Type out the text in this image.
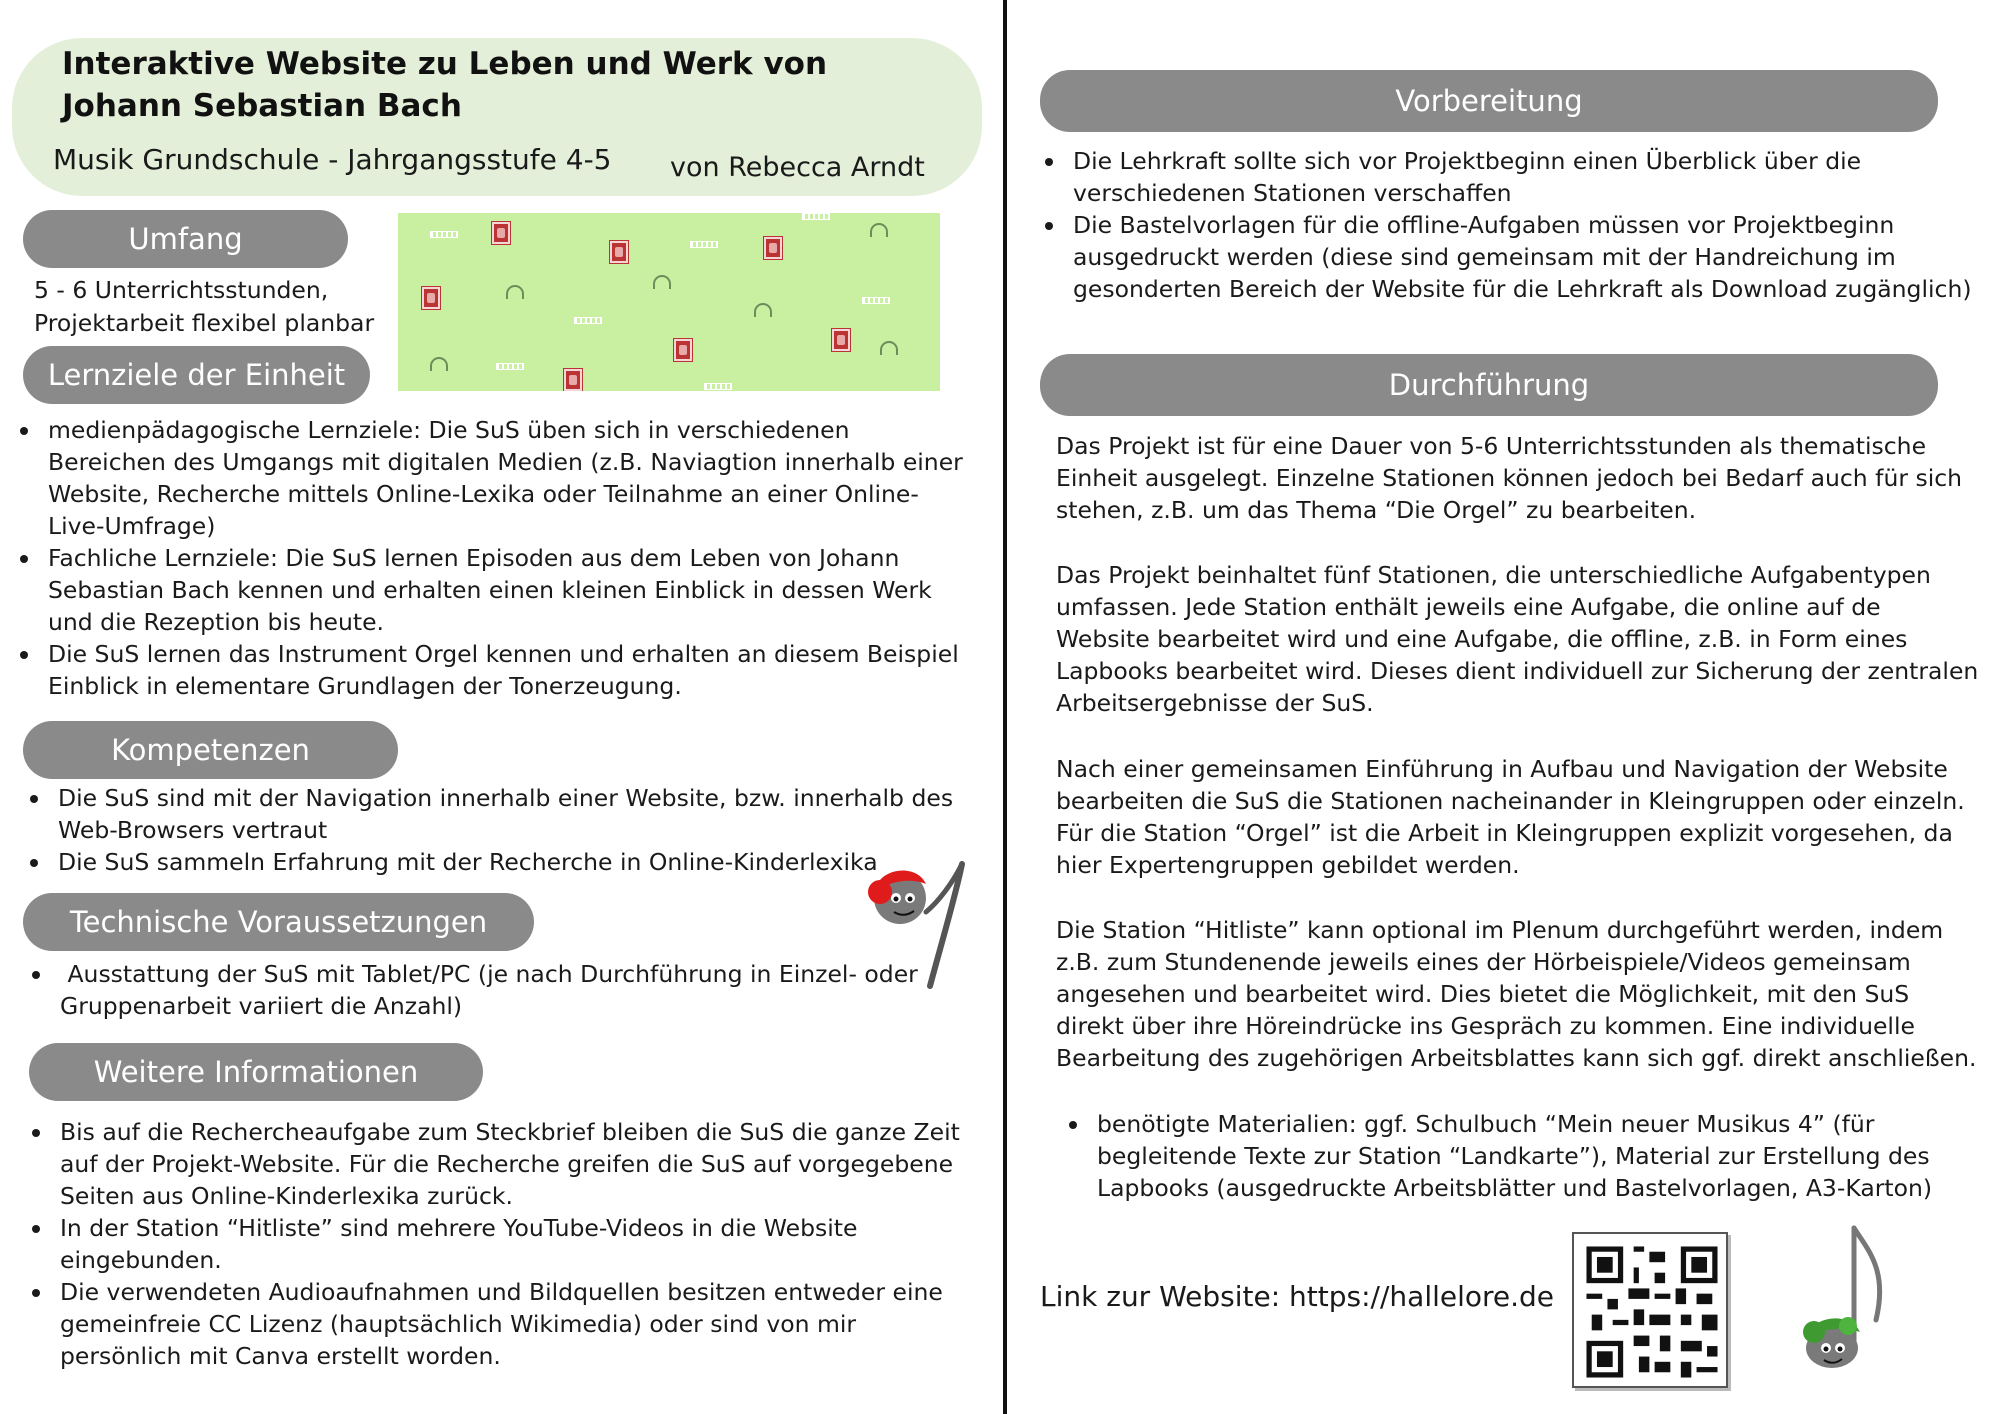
Interaktive Website zu Leben und Werk von
Johann Sebastian Bach
Musik Grundschule - Jahrgangsstufe 4-5 von Rebecca Arndt
Umfang
5 - 6 Unterrichtsstunden,
Projektarbeit flexibel planbar
Lernziele der Einheit
medienpädagogische Lernziele: Die SuS üben sich in verschiedenen
Bereichen des Umgangs mit digitalen Medien (z.B. Naviagtion innerhalb einer
Website, Recherche mittels Online-Lexika oder Teilnahme an einer Online-
Live-Umfrage)
Fachliche Lernziele: Die SuS lernen Episoden aus dem Leben von Johann
Sebastian Bach kennen und erhalten einen kleinen Einblick in dessen Werk
und die Rezeption bis heute.
Die SuS lernen das Instrument Orgel kennen und erhalten an diesem Beispiel
Einblick in elementare Grundlagen der Tonerzeugung.
Kompetenzen
Die SuS sind mit der Navigation innerhalb einer Website, bzw. innerhalb des
Web-Browsers vertraut
Die SuS sammeln Erfahrung mit der Recherche in Online-Kinderlexika
Technische Voraussetzungen
Ausstattung der SuS mit Tablet/PC (je nach Durchführung in Einzel- oder
Gruppenarbeit variiert die Anzahl)
Weitere Informationen
Bis auf die Rechercheaufgabe zum Steckbrief bleiben die SuS die ganze Zeit
auf der Projekt-Website. Für die Recherche greifen die SuS auf vorgegebene
Seiten aus Online-Kinderlexika zurück.
In der Station “Hitliste” sind mehrere YouTube-Videos in die Website
eingebunden.
Die verwendeten Audioaufnahmen und Bildquellen besitzen entweder eine
gemeinfreie CC Lizenz (hauptsächlich Wikimedia) oder sind von mir
persönlich mit Canva erstellt worden.
Vorbereitung
Die Lehrkraft sollte sich vor Projektbeginn einen Überblick über die
verschiedenen Stationen verschaffen
Die Bastelvorlagen für die offline-Aufgaben müssen vor Projektbeginn
ausgedruckt werden (diese sind gemeinsam mit der Handreichung im
gesonderten Bereich der Website für die Lehrkraft als Download zugänglich)
Durchführung
Das Projekt ist für eine Dauer von 5-6 Unterrichtsstunden als thematische
Einheit ausgelegt. Einzelne Stationen können jedoch bei Bedarf auch für sich
stehen, z.B. um das Thema “Die Orgel” zu bearbeiten.
Das Projekt beinhaltet fünf Stationen, die unterschiedliche Aufgabentypen
umfassen. Jede Station enthält jeweils eine Aufgabe, die online auf de
Website bearbeitet wird und eine Aufgabe, die offline, z.B. in Form eines
Lapbooks bearbeitet wird. Dieses dient individuell zur Sicherung der zentralen
Arbeitsergebnisse der SuS.
Nach einer gemeinsamen Einführung in Aufbau und Navigation der Website
bearbeiten die SuS die Stationen nacheinander in Kleingruppen oder einzeln.
Für die Station “Orgel” ist die Arbeit in Kleingruppen explizit vorgesehen, da
hier Expertengruppen gebildet werden.
Die Station “Hitliste” kann optional im Plenum durchgeführt werden, indem
z.B. zum Stundenende jeweils eines der Hörbeispiele/Videos gemeinsam
angesehen und bearbeitet wird. Dies bietet die Möglichkeit, mit den SuS
direkt über ihre Höreindrücke ins Gespräch zu kommen. Eine individuelle
Bearbeitung des zugehörigen Arbeitsblattes kann sich ggf. direkt anschließen.
benötigte Materialien: ggf. Schulbuch “Mein neuer Musikus 4” (für
begleitende Texte zur Station “Landkarte”), Material zur Erstellung des
Lapbooks (ausgedruckte Arbeitsblätter und Bastelvorlagen, A3-Karton)
Link zur Website: https://hallelore.de
